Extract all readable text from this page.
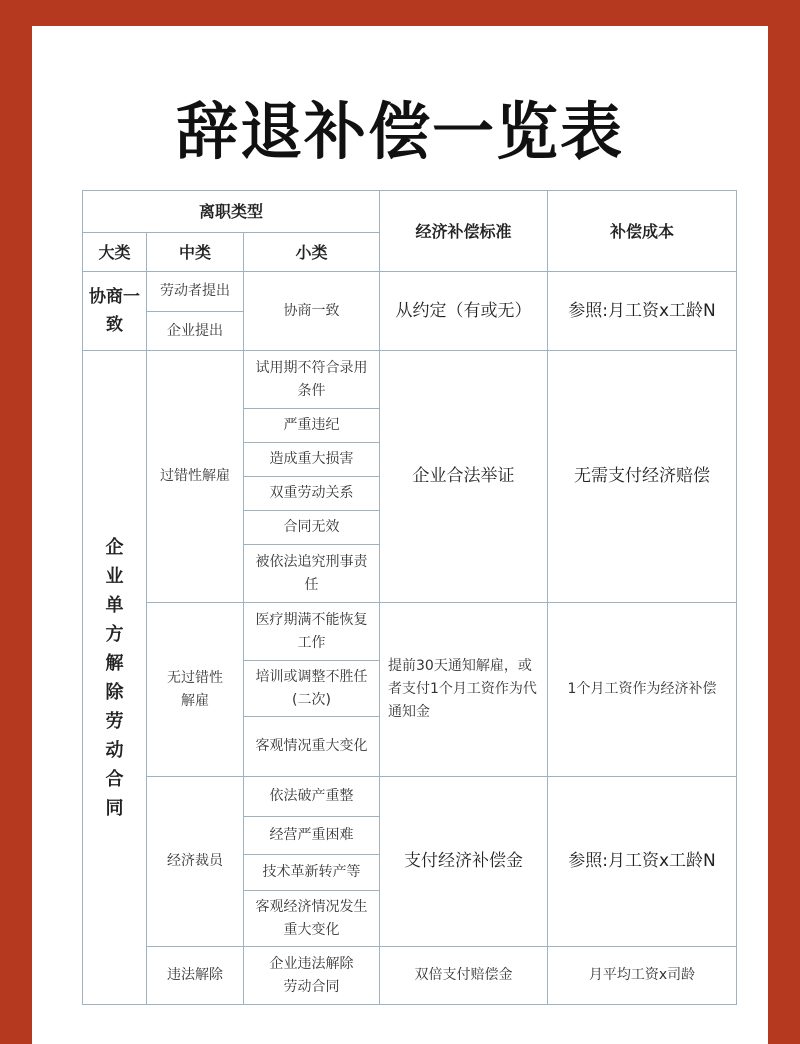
辞退补偿一览表
离职类型			经济补偿标准	补偿成本
大类	中类	小类		
协商一致	劳动者提出	协商一致	从约定（有或无）	参照:月工资x工龄N
	企业提出			
企业单方解除劳动合同	过错性解雇	试用期不符合录用条件	企业合法举证	无需支付经济赔偿
		严重违纪		
		造成重大损害		
		双重劳动关系		
		合同无效		
		被依法追究刑事责任		
	无过错性解雇	医疗期满不能恢复工作	提前30天通知解雇，或者支付1个月工资作为代通知金	1个月工资作为经济补偿
		培训或调整不胜任(二次)		
		客观情况重大变化		
	经济裁员	依法破产重整	支付经济补偿金	参照:月工资x工龄N
		经营严重困难		
		技术革新转产等		
		客观经济情况发生重大变化		
	违法解除	企业违法解除劳动合同	双倍支付赔偿金	月平均工资x司龄
